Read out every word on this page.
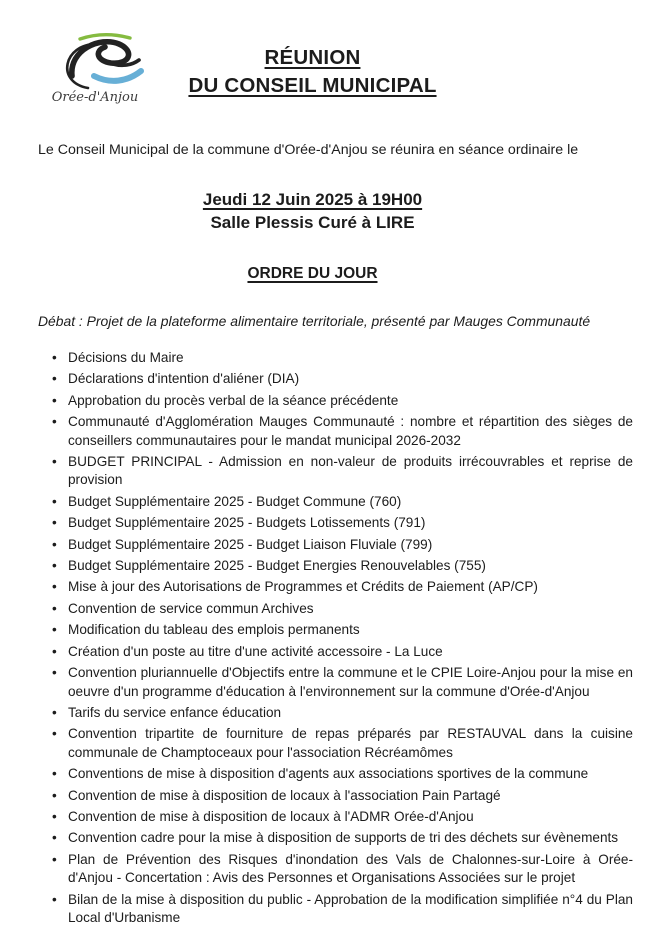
Orée-d'Anjou
RÉUNION
DU CONSEIL MUNICIPAL

Le Conseil Municipal de la commune d'Orée-d'Anjou se réunira en séance ordinaire le

Jeudi 12 Juin 2025 à 19H00
Salle Plessis Curé à LIRE
ORDRE DU JOUR

Débat : Projet de la plateforme alimentaire territoriale, présenté par Mauges Communauté

• Décisions du Maire
• Déclarations d'intention d'aliéner (DIA)
• Approbation du procès verbal de la séance précédente
• Communauté d'Agglomération Mauges Communauté : nombre et répartition des sièges de conseillers communautaires pour le mandat municipal 2026-2032
• BUDGET PRINCIPAL - Admission en non-valeur de produits irrécouvrables et reprise de provision
• Budget Supplémentaire 2025 - Budget Commune (760)
• Budget Supplémentaire 2025 - Budgets Lotissements (791)
• Budget Supplémentaire 2025 - Budget Liaison Fluviale (799)
• Budget Supplémentaire 2025 - Budget Energies Renouvelables (755)
• Mise à jour des Autorisations de Programmes et Crédits de Paiement (AP/CP)
• Convention de service commun Archives
• Modification du tableau des emplois permanents
• Création d'un poste au titre d'une activité accessoire - La Luce
• Convention pluriannuelle d'Objectifs entre la commune et le CPIE Loire-Anjou pour la mise en oeuvre d'un programme d'éducation à l'environnement sur la commune d'Orée-d'Anjou
• Tarifs du service enfance éducation
• Convention tripartite de fourniture de repas préparés par RESTAUVAL dans la cuisine communale de Champtoceaux pour l'association Récréamômes
• Conventions de mise à disposition d'agents aux associations sportives de la commune
• Convention de mise à disposition de locaux à l'association Pain Partagé
• Convention de mise à disposition de locaux à l'ADMR Orée-d'Anjou
• Convention cadre pour la mise à disposition de supports de tri des déchets sur évènements
• Plan de Prévention des Risques d'inondation des Vals de Chalonnes-sur-Loire à Orée-d'Anjou - Concertation : Avis des Personnes et Organisations Associées sur le projet
• Bilan de la mise à disposition du public - Approbation de la modification simplifiée n°4 du Plan Local d'Urbanisme
